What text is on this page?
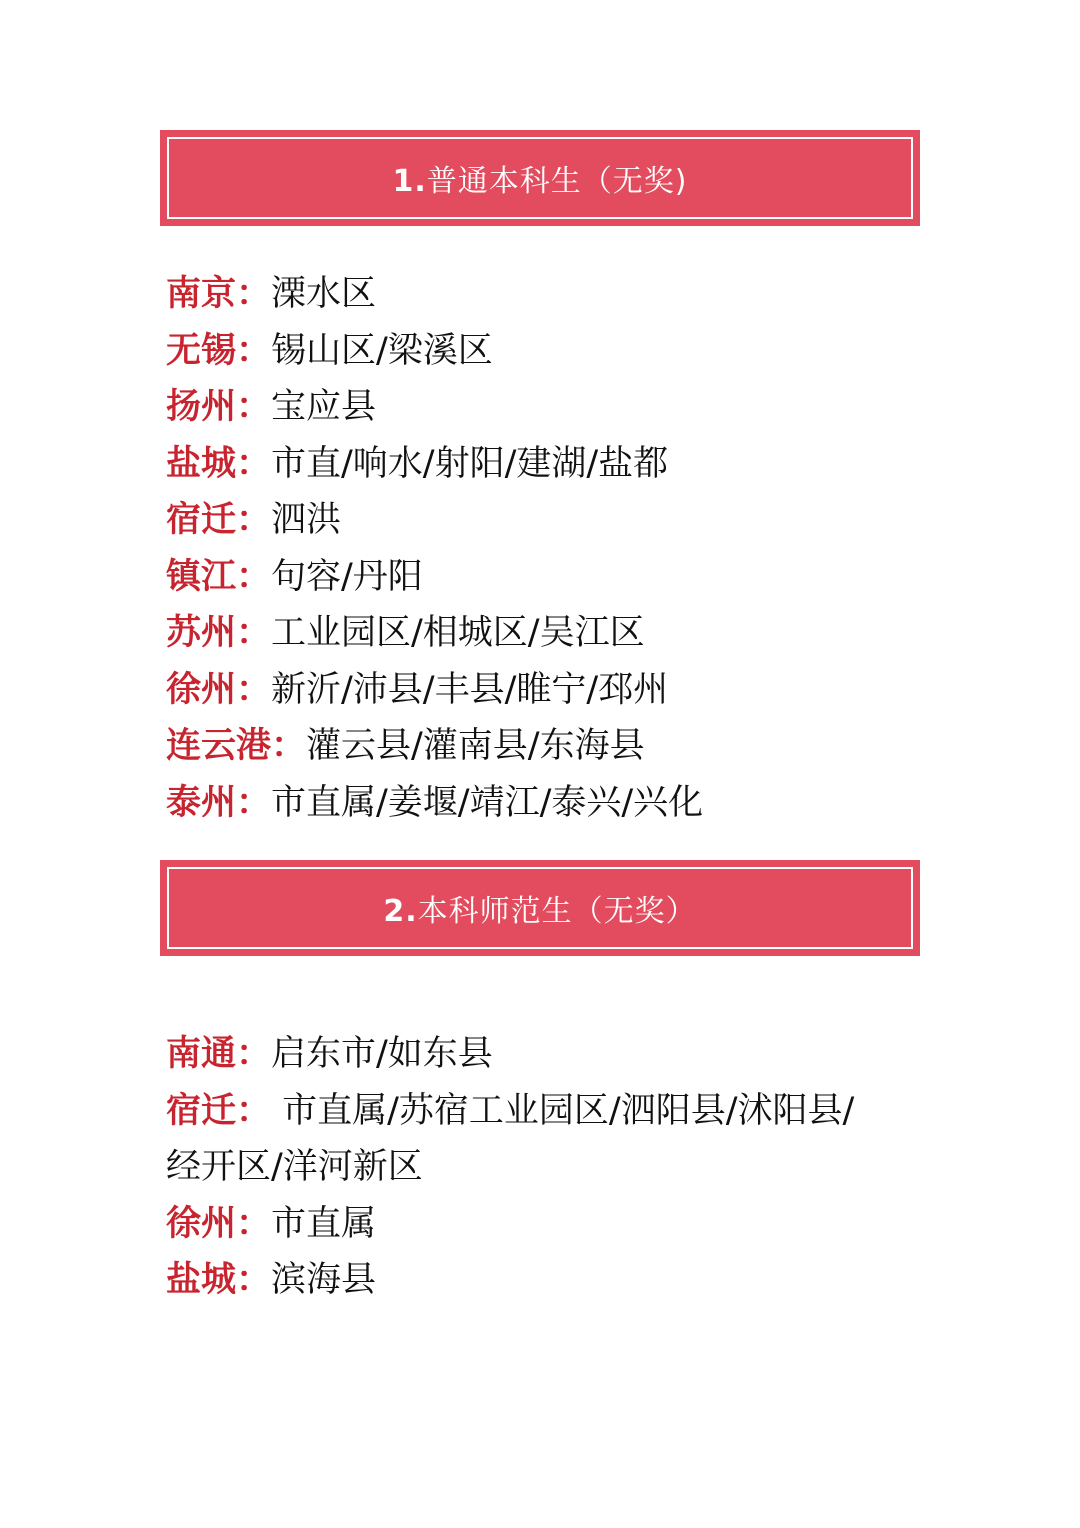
1.普通本科生（无奖)
南京：溧水区
无锡：锡山区/梁溪区
扬州：宝应县
盐城：市直/响水/射阳/建湖/盐都
宿迁：泗洪
镇江：句容/丹阳
苏州：工业园区/相城区/吴江区
徐州：新沂/沛县/丰县/睢宁/邳州
连云港：灌云县/灌南县/东海县
泰州：市直属/姜堰/靖江/泰兴/兴化
2.本科师范生（无奖）
南通：启东市/如东县
宿迁： 市直属/苏宿工业园区/泗阳县/沭阳县/
经开区/洋河新区
徐州：市直属
盐城：滨海县
